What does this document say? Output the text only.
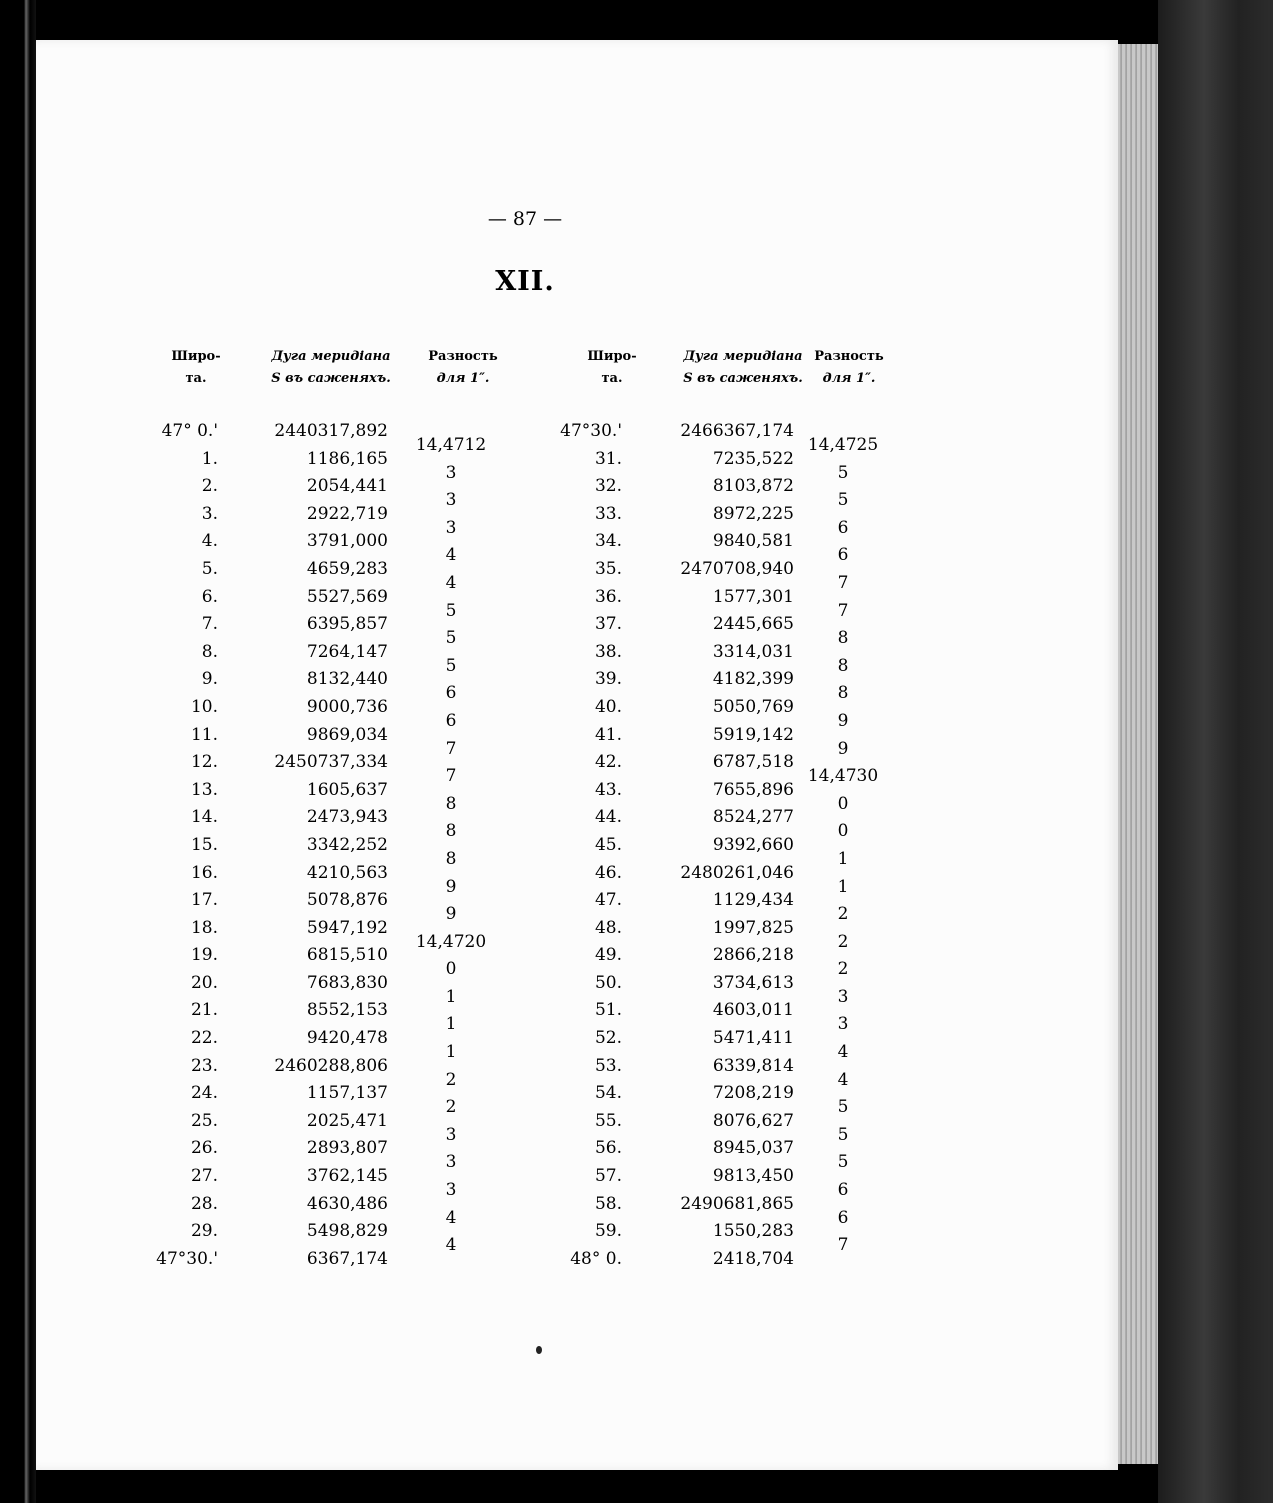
— 87 —
XII.
Широ-
та.
Дуга меридіана
S въ саженяхъ.
Разность
для 1″.
Широ-
та.
Дуга меридіана
S въ саженяхъ.
Разность
для 1″.
47° 0.'
1.
2.
3.
4.
5.
6.
7.
8.
9.
10.
11.
12.
13.
14.
15.
16.
17.
18.
19.
20.
21.
22.
23.
24.
25.
26.
27.
28.
29.
47°30.'
2440317,892
1186,165
2054,441
2922,719
3791,000
4659,283
5527,569
6395,857
7264,147
8132,440
9000,736
9869,034
2450737,334
1605,637
2473,943
3342,252
4210,563
5078,876
5947,192
6815,510
7683,830
8552,153
9420,478
2460288,806
1157,137
2025,471
2893,807
3762,145
4630,486
5498,829
6367,174
14,4712
3
3
3
4
4
5
5
5
6
6
7
7
8
8
8
9
9
14,4720
0
1
1
1
2
2
3
3
3
4
4
47°30.'
31.
32.
33.
34.
35.
36.
37.
38.
39.
40.
41.
42.
43.
44.
45.
46.
47.
48.
49.
50.
51.
52.
53.
54.
55.
56.
57.
58.
59.
48° 0.
2466367,174
7235,522
8103,872
8972,225
9840,581
2470708,940
1577,301
2445,665
3314,031
4182,399
5050,769
5919,142
6787,518
7655,896
8524,277
9392,660
2480261,046
1129,434
1997,825
2866,218
3734,613
4603,011
5471,411
6339,814
7208,219
8076,627
8945,037
9813,450
2490681,865
1550,283
2418,704
14,4725
5
5
6
6
7
7
8
8
8
9
9
14,4730
0
0
1
1
2
2
2
3
3
4
4
5
5
5
6
6
7
